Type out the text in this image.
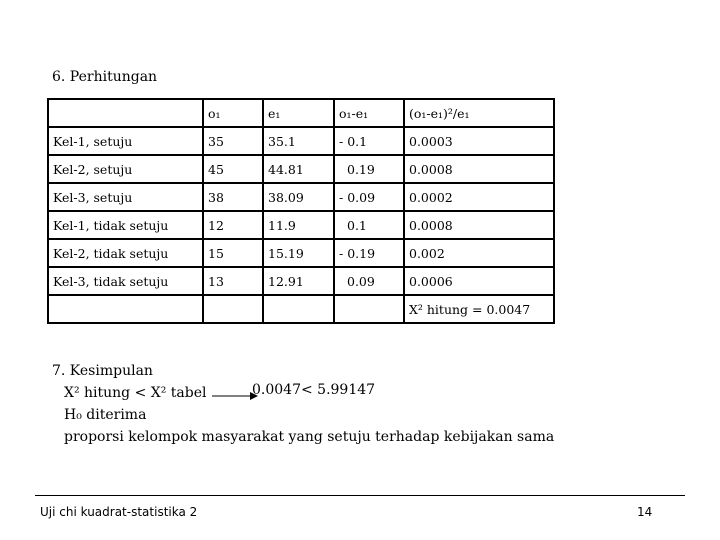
6. Perhitungan
	o₁	e₁	o₁-e₁	(o₁-e₁)²/e₁
Kel-1, setuju	35	35.1	- 0.1	0.0003
Kel-2, setuju	45	44.81	0.19	0.0008
Kel-3, setuju	38	38.09	- 0.09	0.0002
Kel-1, tidak setuju	12	11.9	0.1	0.0008
Kel-2, tidak setuju	15	15.19	- 0.19	0.002
Kel-3, tidak setuju	13	12.91	0.09	0.0006
				X² hitung = 0.0047
7. Kesimpulan
X² hitung < X² tabel
H₀ diterima
proporsi kelompok masyarakat yang setuju terhadap kebijakan sama
0.0047< 5.99147
Uji chi kuadrat-statistika 2	14
